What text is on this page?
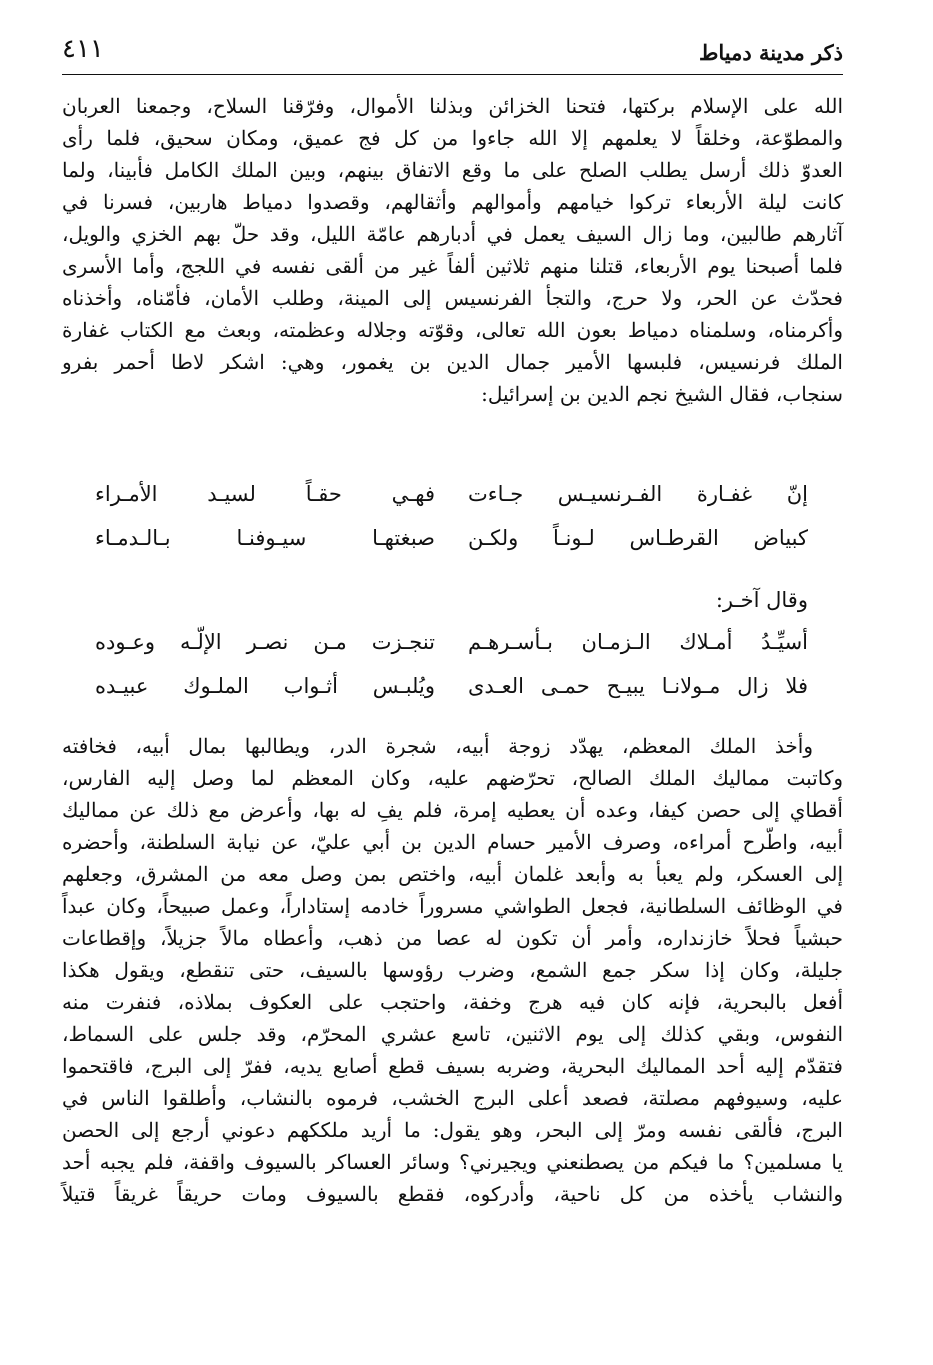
٤١١	ذكر مدينة دمياط
الله على الإسلام بركتها، فتحنا الخزائن وبذلنا الأموال، وفرّقنا السلاح، وجمعنا العربان
والمطوّعة، وخلقاً لا يعلمهم إلا الله جاءوا من كل فج عميق، ومكان سحيق، فلما رأى
العدوّ ذلك أرسل يطلب الصلح على ما وقع الاتفاق بينهم، وبين الملك الكامل فأبينا، ولما
كانت ليلة الأربعاء تركوا خيامهم وأموالهم وأثقالهم، وقصدوا دمياط هاربين، فسرنا في
آثارهم طالبين، وما زال السيف يعمل في أدبارهم عامّة الليل، وقد حلّ بهم الخزي والويل،
فلما أصبحنا يوم الأربعاء، قتلنا منهم ثلاثين ألفاً غير من ألقى نفسه في اللجج، وأما الأسرى
فحدّث عن الحر، ولا حرج، والتجأ الفرنسيس إلى المينة، وطلب الأمان، فأمّناه، وأخذناه
وأكرمناه، وسلمناه دمياط بعون الله تعالى، وقوّته وجلاله وعظمته، وبعث مع الكتاب غفارة
الملك فرنسيس، فلبسها الأمير جمال الدين بن يغمور، وهي: اشكر لاطا أحمر بفرو
سنجاب، فقال الشيخ نجم الدين بن إسرائيل:
إنّ غفـارة الفـرنسيـس جـاءت
فهـي حقـاً لسيـد الأمـراء
كبياض القرطـاس لـونـاً ولكـن
صبغتهـا سيـوفنـا بـالـدمـاء
وقال آخـر:
أسيِّـدُ أمـلاك الـزمـان بـأسـرهـم
تنجـزت مـن نصـر الإلّـه وعـوده
فلا زال مـولانـا يبيـح حمـى العـدى
ويُلبـس أثـواب الملـوك عبيـده
وأخذ الملك المعظم، يهدّد زوجة أبيه، شجرة الدر، ويطالبها بمال أبيه، فخافته
وكاتبت مماليك الملك الصالح، تحرّضهم عليه، وكان المعظم لما وصل إليه الفارس،
أقطاي إلى حصن كيفا، وعده أن يعطيه إمرة، فلم يفِ له بها، وأعرض مع ذلك عن مماليك
أبيه، واطّرح أمراءه، وصرف الأمير حسام الدين بن أبي عليّ، عن نيابة السلطنة، وأحضره
إلى العسكر، ولم يعبأ به وأبعد غلمان أبيه، واختص بمن وصل معه من المشرق، وجعلهم
في الوظائف السلطانية، فجعل الطواشي مسروراً خادمه إستاداراً، وعمل صبيحاً، وكان عبداً
حبشياً فحلاً خازنداره، وأمر أن تكون له عصا من ذهب، وأعطاه مالاً جزيلاً، وإقطاعات
جليلة، وكان إذا سكر جمع الشمع، وضرب رؤوسها بالسيف، حتى تنقطع، ويقول هكذا
أفعل بالبحرية، فإنه كان فيه هرج وخفة، واحتجب على العكوف بملاذه، فنفرت منه
النفوس، وبقي كذلك إلى يوم الاثنين، تاسع عشري المحرّم، وقد جلس على السماط،
فتقدّم إليه أحد المماليك البحرية، وضربه بسيف قطع أصابع يديه، ففرّ إلى البرج، فاقتحموا
عليه، وسيوفهم مصلتة، فصعد أعلى البرج الخشب، فرموه بالنشاب، وأطلقوا الناس في
البرج، فألقى نفسه ومرّ إلى البحر، وهو يقول: ما أريد ملككهم دعوني أرجع إلى الحصن
يا مسلمين؟ ما فيكم من يصطنعني ويجيرني؟ وسائر العساكر بالسيوف واقفة، فلم يجبه أحد
والنشاب يأخذه من كل ناحية، وأدركوه، فقطع بالسيوف ومات حريقاً غريقاً قتيلاً
